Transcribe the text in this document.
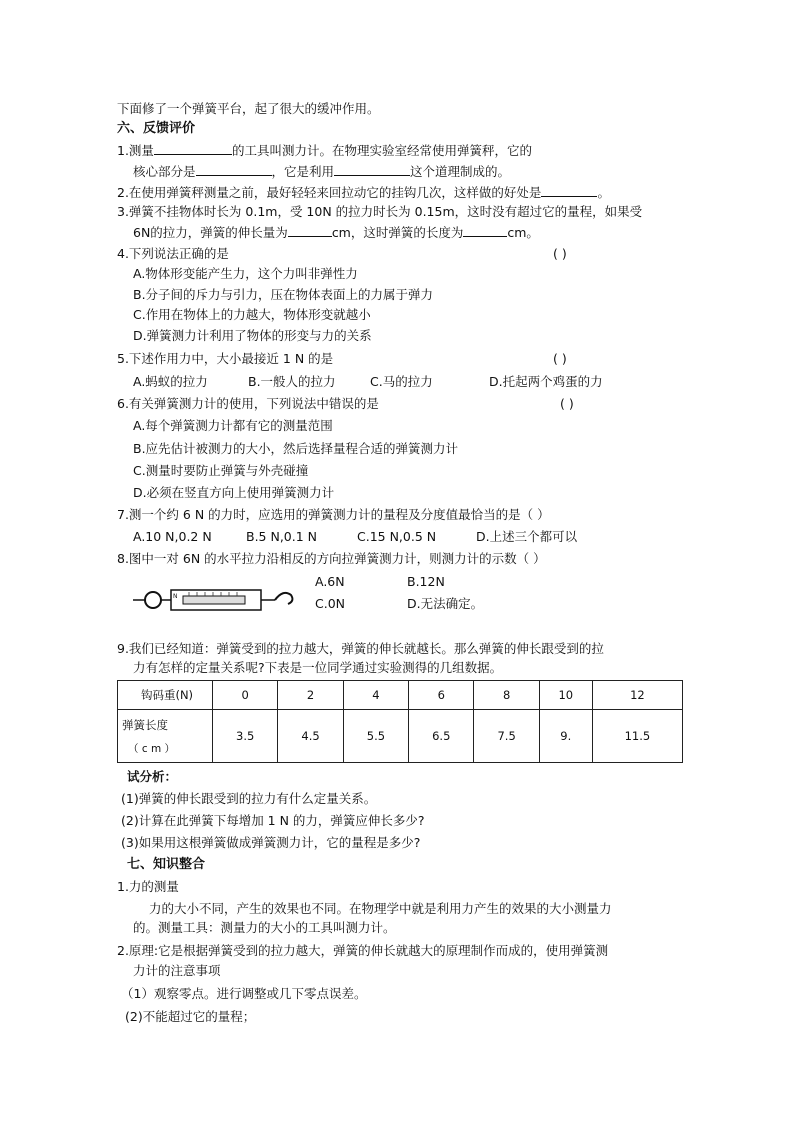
下面修了一个弹簧平台，起了很大的缓冲作用。
六、反馈评价
1.测量	的工具叫测力计。在物理实验室经常使用弹簧秤，它的
核心部分是	，它是利用	这个道理制成的。
2.在使用弹簧秤测量之前，最好轻轻来回拉动它的挂钩几次，这样做的好处是	。
3.弹簧不挂物体时长为 0.1m，受 10N 的拉力时长为 0.15m，这时没有超过它的量程，如果受
6N的拉力，弹簧的伸长量为	cm，这时弹簧的长度为	cm。
4.下列说法正确的是	( )
A.物体形变能产生力，这个力叫非弹性力
B.分子间的斥力与引力，压在物体表面上的力属于弹力
C.作用在物体上的力越大，物体形变就越小
D.弹簧测力计利用了物体的形变与力的关系
5.下述作用力中，大小最接近 1 N 的是	( )
A.蚂蚁的拉力	B.一般人的拉力	C.马的拉力	D.托起两个鸡蛋的力
6.有关弹簧测力计的使用，下列说法中错误的是	( )
A.每个弹簧测力计都有它的测量范围
B.应先估计被测力的大小，然后选择量程合适的弹簧测力计
C.测量时要防止弹簧与外壳碰撞
D.必须在竖直方向上使用弹簧测力计
7.测一个约 6 N 的力时，应选用的弹簧测力计的量程及分度值最恰当的是（ ）
A.10 N,0.2 N	B.5 N,0.1 N	C.15 N,0.5 N	D.上述三个都可以
8.图中一对 6N 的水平拉力沿相反的方向拉弹簧测力计，则测力计的示数（ ）
N
A.6N	B.12N
C.0N	D.无法确定。
9.我们已经知道：弹簧受到的拉力越大，弹簧的伸长就越长。那么弹簧的伸长跟受到的拉
力有怎样的定量关系呢?下表是一位同学通过实验测得的几组数据。
钩码重(N)	0	2	4	6	8	10	12

弹簧长度
（ c m ）	3.5	4.5	5.5	6.5	7.5	9.	11.5
试分析：
(1)弹簧的伸长跟受到的拉力有什么定量关系。
(2)计算在此弹簧下每增加 1 N 的力，弹簧应伸长多少?
(3)如果用这根弹簧做成弹簧测力计，它的量程是多少?
七、知识整合
1.力的测量
力的大小不同，产生的效果也不同。在物理学中就是利用力产生的效果的大小测量力
的。测量工具：测量力的大小的工具叫测力计。
2.原理:它是根据弹簧受到的拉力越大，弹簧的伸长就越大的原理制作而成的，使用弹簧测
力计的注意事项
（1）观察零点。进行调整或几下零点误差。
(2)不能超过它的量程；
